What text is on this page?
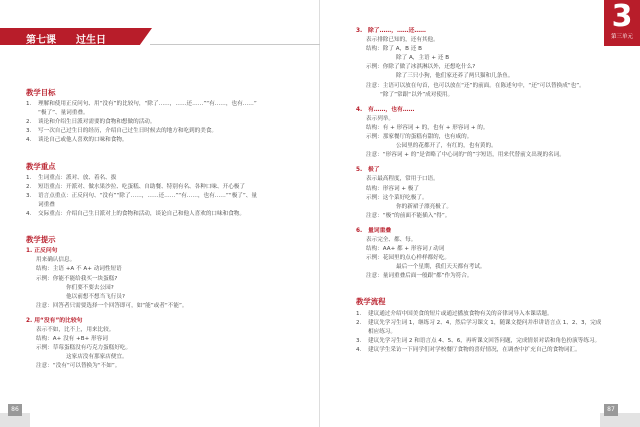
第七课 过生日
教学目标
1.	理解和使用正反问句、用“没有”的比较句，“除了……，……还……”“有……，也有……”
“极了”、量词重叠。
2.	谈论和介绍生日派对需要的食物和想做的活动。
3.	写一次自己过生日的经历，介绍自己过生日时候去的地方和吃到的美食。
4.	谈论自己或他人喜欢的口味和食物。
教学重点
1.	生词重点：派对、放、着名、拔
2.	短语重点：开派对、做水果沙拉、吃蛋糕、自助餐、特别有名、各种口味、开心极了
3.	语言点重点：正反问句、“没有”“除了……，……还……”“有……，也有……”“极了”、量
词重叠
4.	交际重点：介绍自己生日派对上的食物和活动，谈论自己和他人喜欢的口味和食物。
教学提示
1. 正反问句
用来确认信息。
结构：主语 +A 不 A+ 动词性短语
示例：你能不能给我买一块蛋糕?
你们要不要去公园?
他以前想不想当飞行员?
注意：回答者只需要选择一个回答即可，如“能”或者“不能”。
2. 用“没有”的比较句
表示不如，比不上，用来比较。
结构：A+ 没有 +B+ 形容词
示例：草莓蛋糕没有巧克力蛋糕好吃。
这家店没有那家店便宜。
注意：“没有”可以替换为“不如”。
86
3
第三单元
3. 除了……，……还……
表示排除已知的，还有其他。
结构：除了 A，B 还 B
除了 A，主语 + 还 B
示例：你除了做了冰淇淋以外，还想吃什么?
除了三只小狗，他们家还养了两只猫和几条鱼。
注意：主语可以放在句首，也可以放在“还”的前面。在陈述句中，“还”可以替换成“也”。
“除了”常跟“以外”成对使用。
4. 有……，也有……
表示列举。
结构：有 + 形容词 + 的，也有 + 形容词 + 的。
示例：那家餐厅的蛋糕有甜的，也有咸的。
公园里的花都开了，有红的，也有黄的。
注意：“形容词 + 的”是省略了中心词的“的”字短语，用来代替前文出现的名词。
5. 极了
表示最高程度，常用于口语。
结构：形容词 + 极了
示例：这个菜好吃极了。
你的新裙子漂亮极了。
注意：“极”的前面不能插入“得”。
6. 量词重叠
表示完全、都、每。
结构：AA+ 都 + 形容词 / 动词
示例：花园里的点心样样都好吃。
最后一个星期，我们天天都有考试。
注意：量词重叠后面一般跟“都”作为符合。
教学流程
1.	建议通过介绍中国美食的短片或通过播放食物有关的音律词导入本课话题。
2.	建议先学习生词 1，继练习 2、4，然后学习课文 1，随课文提问并串讲语言点 1、2、3，完成
相应练习。
3.	建议先学习生词 2 和语言点 4、5、6，再听课文回答问题，完成情景对话和角色扮演等练习。
4.	建议学生采访一下同学们对学校餐厅食物的喜好情况，在调查中扩充自己的食物词汇。
87
